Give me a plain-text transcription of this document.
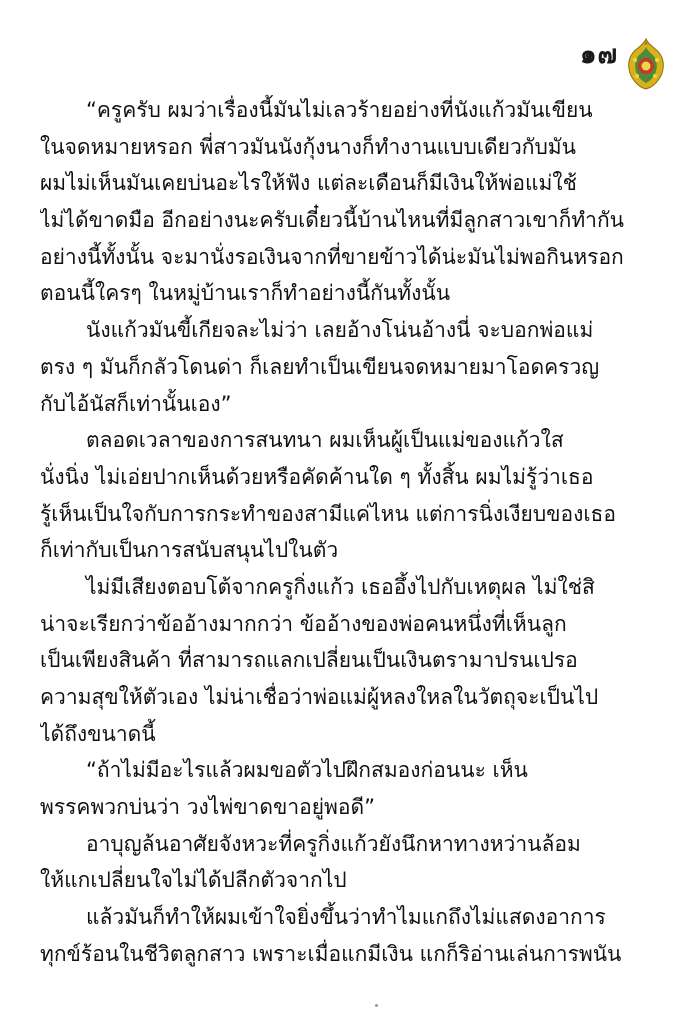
๑๗
“ครูครับ ผมว่าเรื่องนี้มันไม่เลวร้ายอย่างที่นังแก้วมันเขียน
ในจดหมายหรอก พี่สาวมันนังกุ้งนางก็ทำงานแบบเดียวกับมัน
ผมไม่เห็นมันเคยบ่นอะไรให้ฟัง แต่ละเดือนก็มีเงินให้พ่อแม่ใช้
ไม่ได้ขาดมือ อีกอย่างนะครับเดี๋ยวนี้บ้านไหนที่มีลูกสาวเขาก็ทำกัน
อย่างนี้ทั้งนั้น จะมานั่งรอเงินจากที่ขายข้าวได้น่ะมันไม่พอกินหรอก
ตอนนี้ใครๆ ในหมู่บ้านเราก็ทำอย่างนี้กันทั้งนั้น
นังแก้วมันขี้เกียจละไม่ว่า เลยอ้างโน่นอ้างนี่ จะบอกพ่อแม่
ตรง ๆ มันก็กลัวโดนด่า ก็เลยทำเป็นเขียนจดหมายมาโอดครวญ
กับไอ้นัสก็เท่านั้นเอง”
ตลอดเวลาของการสนทนา ผมเห็นผู้เป็นแม่ของแก้วใส
นั่งนิ่ง ไม่เอ่ยปากเห็นด้วยหรือคัดค้านใด ๆ ทั้งสิ้น ผมไม่รู้ว่าเธอ
รู้เห็นเป็นใจกับการกระทำของสามีแค่ไหน แต่การนิ่งเงียบของเธอ
ก็เท่ากับเป็นการสนับสนุนไปในตัว
ไม่มีเสียงตอบโต้จากครูกิ่งแก้ว เธออึ้งไปกับเหตุผล ไม่ใช่สิ
น่าจะเรียกว่าข้ออ้างมากกว่า ข้ออ้างของพ่อคนหนึ่งที่เห็นลูก
เป็นเพียงสินค้า ที่สามารถแลกเปลี่ยนเป็นเงินตรามาปรนเปรอ
ความสุขให้ตัวเอง ไม่น่าเชื่อว่าพ่อแม่ผู้หลงใหลในวัตถุจะเป็นไป
ได้ถึงขนาดนี้
“ถ้าไม่มีอะไรแล้วผมขอตัวไปฝึกสมองก่อนนะ เห็น
พรรคพวกบ่นว่า วงไพ่ขาดขาอยู่พอดี”
อาบุญล้นอาศัยจังหวะที่ครูกิ่งแก้วยังนึกหาทางหว่านล้อม
ให้แกเปลี่ยนใจไม่ได้ปลีกตัวจากไป
แล้วมันก็ทำให้ผมเข้าใจยิ่งขึ้นว่าทำไมแกถึงไม่แสดงอาการ
ทุกข์ร้อนในชีวิตลูกสาว เพราะเมื่อแกมีเงิน แกก็ริอ่านเล่นการพนัน
